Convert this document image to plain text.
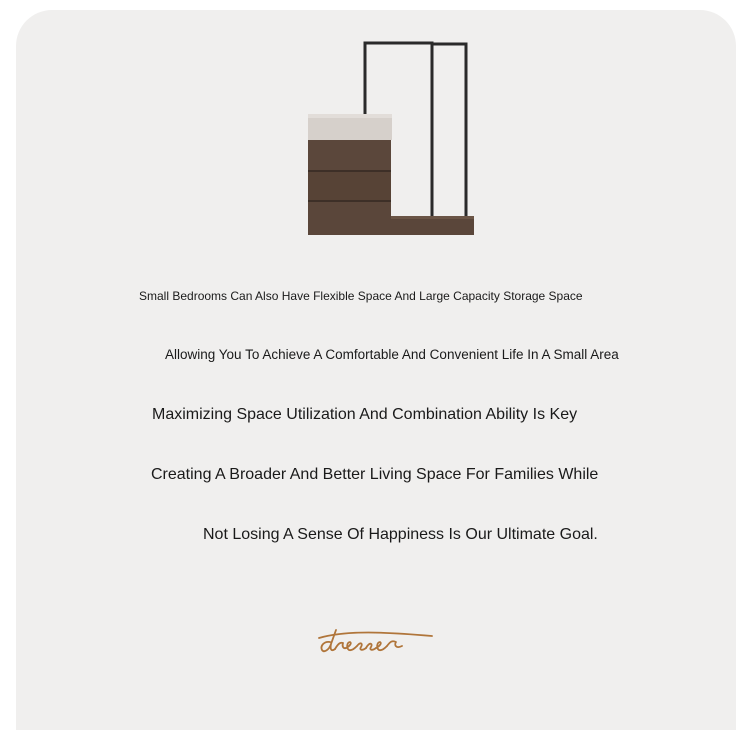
Small Bedrooms Can Also Have Flexible Space And Large Capacity Storage Space
Allowing You To Achieve A Comfortable And Convenient Life In A Small Area
Maximizing Space Utilization And Combination Ability Is Key
Creating A Broader And Better Living Space For Families While
Not Losing A Sense Of Happiness Is Our Ultimate Goal.
